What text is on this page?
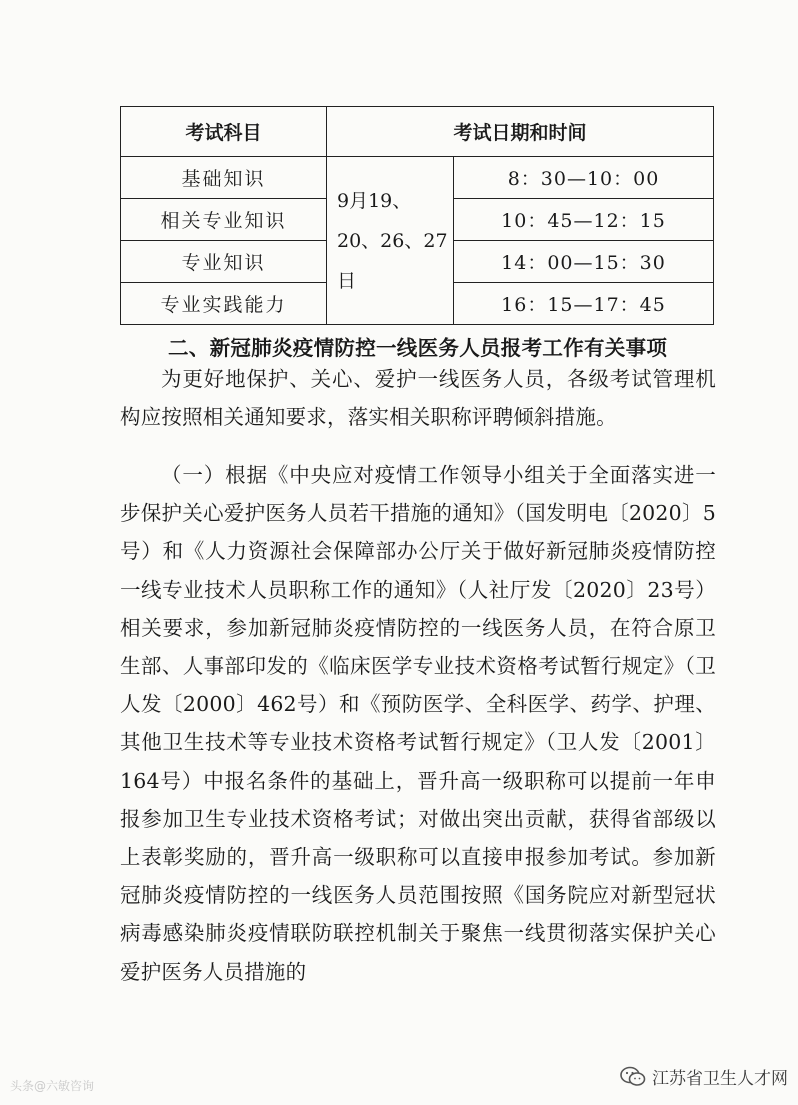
考试科目	考试日期和时间	
基础知识	9月19、20、26、27日	8：30—10：00
相关专业知识		10：45—12：15
专业知识		14：00—15：30
专业实践能力		16：15—17：45
二、新冠肺炎疫情防控一线医务人员报考工作有关事项
为更好地保护、关心、爱护一线医务人员，各级考试管理机构应按照相关通知要求，落实相关职称评聘倾斜措施。
（一）根据《中央应对疫情工作领导小组关于全面落实进一步保护关心爱护医务人员若干措施的通知》（国发明电〔2020〕5号）和《人力资源社会保障部办公厅关于做好新冠肺炎疫情防控一线专业技术人员职称工作的通知》（人社厅发〔2020〕23号）相关要求，参加新冠肺炎疫情防控的一线医务人员，在符合原卫生部、人事部印发的《临床医学专业技术资格考试暂行规定》（卫人发〔2000〕462号）和《预防医学、全科医学、药学、护理、其他卫生技术等专业技术资格考试暂行规定》（卫人发〔2001〕164号）中报名条件的基础上，晋升高一级职称可以提前一年申报参加卫生专业技术资格考试；对做出突出贡献，获得省部级以上表彰奖励的，晋升高一级职称可以直接申报参加考试。参加新冠肺炎疫情防控的一线医务人员范围按照《国务院应对新型冠状病毒感染肺炎疫情联防联控机制关于聚焦一线贯彻落实保护关心爱护医务人员措施的
头条@六敏咨询	江苏省卫生人才网
